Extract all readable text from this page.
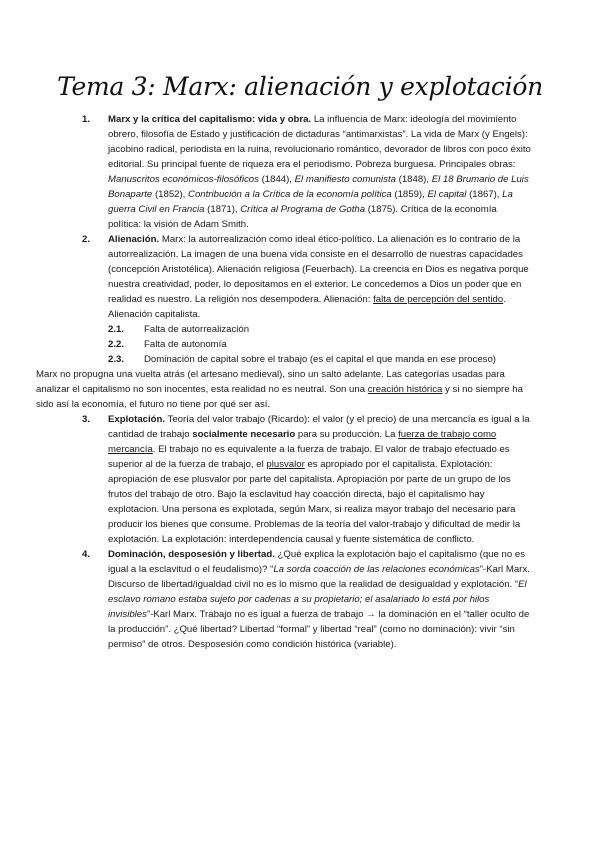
Tema 3: Marx: alienación y explotación
1. Marx y la crítica del capitalismo: vida y obra. La influencia de Marx: ideología del movimiento obrero, filosofía de Estado y justificación de dictaduras “antimarxistas”. La vida de Marx (y Engels): jacobino radical, periodista en la ruina, revolucionario romántico, devorador de libros con poco éxito editorial. Su principal fuente de riqueza era el periodismo. Pobreza burguesa. Principales obras: Manuscritos económicos-filosóficos (1844), El manifiesto comunista (1848), El 18 Brumario de Luis Bonaparte (1852), Contribución a la Crítica de la economía política (1859), El capital (1867), La guerra Civil en Francia (1871), Crítica al Programa de Gotha (1875). Crítica de la economía política: la visión de Adam Smith.
2. Alienación. Marx: la autorrealización como ideal ético-político. La alienación es lo contrario de la autorrealización. La imagen de una buena vida consiste en el desarrollo de nuestras capacidades (concepción Aristotélica). Alienación religiosa (Feuerbach). La creencia en Dios es negativa porque nuestra creatividad, poder, lo depositamos en el exterior. Le concedemos a Dios un poder que en realidad es nuestro. La religión nos desempodera. Alienación: falta de percepción del sentido. Alienación capitalista.
2.1. Falta de autorrealización
2.2. Falta de autonomía
2.3. Dominación de capital sobre el trabajo (es el capital el que manda en ese proceso)
Marx no propugna una vuelta atrás (el artesano medieval), sino un salto adelante. Las categorías usadas para analizar el capitalismo no son inocentes, esta realidad no es neutral. Son una creación histórica y si no siempre ha sido así la economía, el futuro no tiene por qué ser así.
3. Explotación. Teoría del valor trabajo (Ricardo): el valor (y el precio) de una mercancía es igual a la cantidad de trabajo socialmente necesario para su producción. La fuerza de trabajo como mercancía. El trabajo no es equivalente a la fuerza de trabajo. El valor de trabajo efectuado es superior al de la fuerza de trabajo, el plusvalor es apropiado por el capitalista. Explotación: apropiación de ese plusvalor por parte del capitalista. Apropiación por parte de un grupo de los frutos del trabajo de otro. Bajo la esclavitud hay coacción directa, bajo el capitalismo hay explotacion. Una persona es explotada, según Marx, si realiza mayor trabajo del necesario para producir los bienes que consume. Problemas de la teoría del valor-trabajo y dificultad de medir la explotación. La explotación: interdependencia causal y fuente sistemática de conflicto.
4. Dominación, desposesión y libertad. ¿Qué explica la explotación bajo el capitalismo (que no es igual a la esclavitud o el feudalismo)? “La sorda coacción de las relaciones económicas”-Karl Marx. Discurso de libertad/igualdad civil no es lo mismo que la realidad de desigualdad y explotación. “El esclavo romano estaba sujeto por cadenas a su propietario; el asalariado lo está por hilos invisibles”-Karl Marx. Trabajo no es igual a fuerza de trabajo → la dominación en el “taller oculto de la producción”. ¿Qué libertad? Libertad “formal” y libertad “real” (como no dominación): vivir “sin permiso” de otros. Desposesión como condición histórica (variable).
